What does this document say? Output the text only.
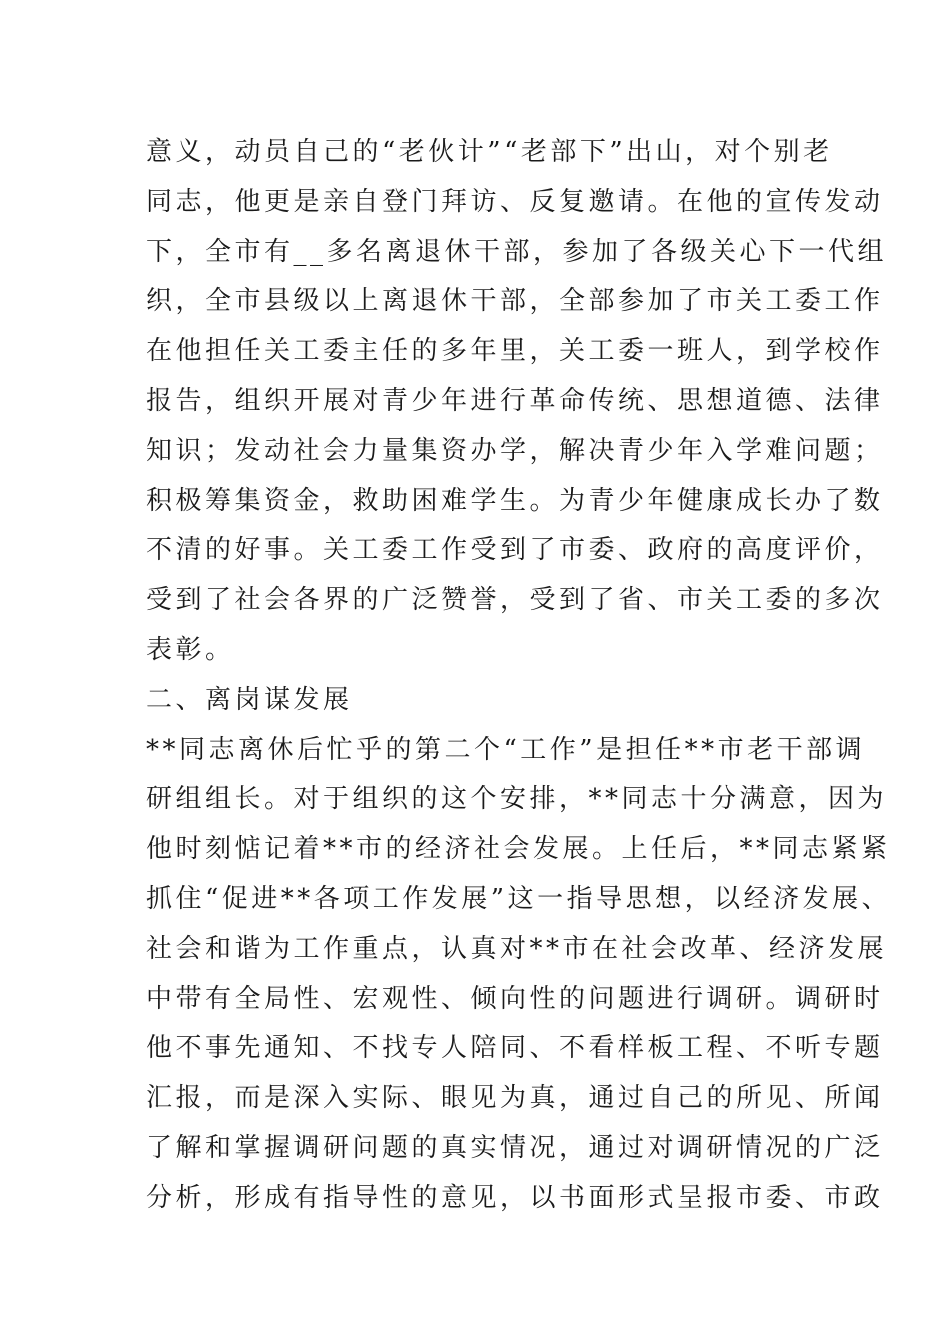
意义，动员自己的“老伙计”“老部下”出山，对个别老
同志，他更是亲自登门拜访、反复邀请。在他的宣传发动
下，全市有__多名离退休干部，参加了各级关心下一代组
织，全市县级以上离退休干部，全部参加了市关工委工作
在他担任关工委主任的多年里，关工委一班人，到学校作
报告，组织开展对青少年进行革命传统、思想道德、法律
知识；发动社会力量集资办学，解决青少年入学难问题；
积极筹集资金，救助困难学生。为青少年健康成长办了数
不清的好事。关工委工作受到了市委、政府的高度评价，
受到了社会各界的广泛赞誉，受到了省、市关工委的多次
表彰。
二、离岗谋发展
**同志离休后忙乎的第二个“工作”是担任**市老干部调
研组组长。对于组织的这个安排，**同志十分满意，因为
他时刻惦记着**市的经济社会发展。上任后，**同志紧紧
抓住“促进**各项工作发展”这一指导思想，以经济发展、
社会和谐为工作重点，认真对**市在社会改革、经济发展
中带有全局性、宏观性、倾向性的问题进行调研。调研时
他不事先通知、不找专人陪同、不看样板工程、不听专题
汇报，而是深入实际、眼见为真，通过自己的所见、所闻
了解和掌握调研问题的真实情况，通过对调研情况的广泛
分析，形成有指导性的意见，以书面形式呈报市委、市政
